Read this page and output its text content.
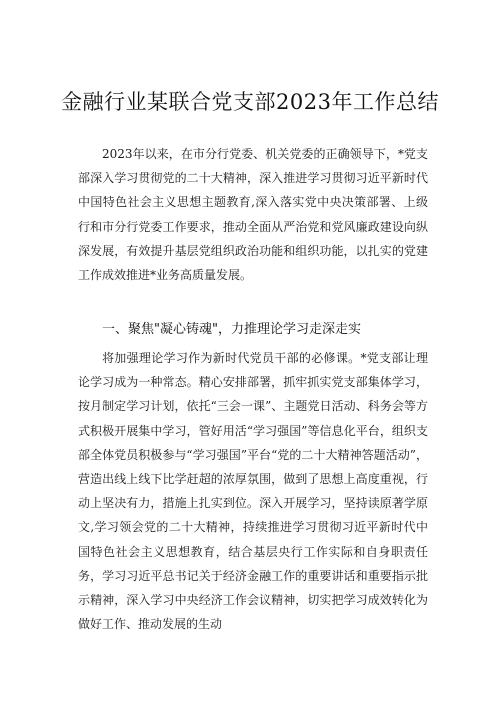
金融行业某联合党支部2023年工作总结

2023年以来，在市分行党委、机关党委的正确领导下，*党支部深入学习贯彻党的二十大精神，深入推进学习贯彻习近平新时代中国特色社会主义思想主题教育,深入落实党中央决策部署、上级行和市分行党委工作要求，推动全面从严治党和党风廉政建设向纵深发展，有效提升基层党组织政治功能和组织功能，以扎实的党建工作成效推进*业务高质量发展。

一、聚焦"凝心铸魂"，力推理论学习走深走实

将加强理论学习作为新时代党员干部的必修课。*党支部让理论学习成为一种常态。精心安排部署，抓牢抓实党支部集体学习，按月制定学习计划，依托“三会一课”、主题党日活动、科务会等方式积极开展集中学习，管好用活“学习强国”等信息化平台，组织支部全体党员积极参与“学习强国”平台“党的二十大精神答题活动”，营造出线上线下比学赶超的浓厚氛围，做到了思想上高度重视，行动上坚决有力，措施上扎实到位。深入开展学习，坚持读原著学原文,学习领会党的二十大精神，持续推进学习贯彻习近平新时代中国特色社会主义思想教育，结合基层央行工作实际和自身职责任务，学习习近平总书记关于经济金融工作的重要讲话和重要指示批示精神，深入学习中央经济工作会议精神，切实把学习成效转化为做好工作、推动发展的生动
